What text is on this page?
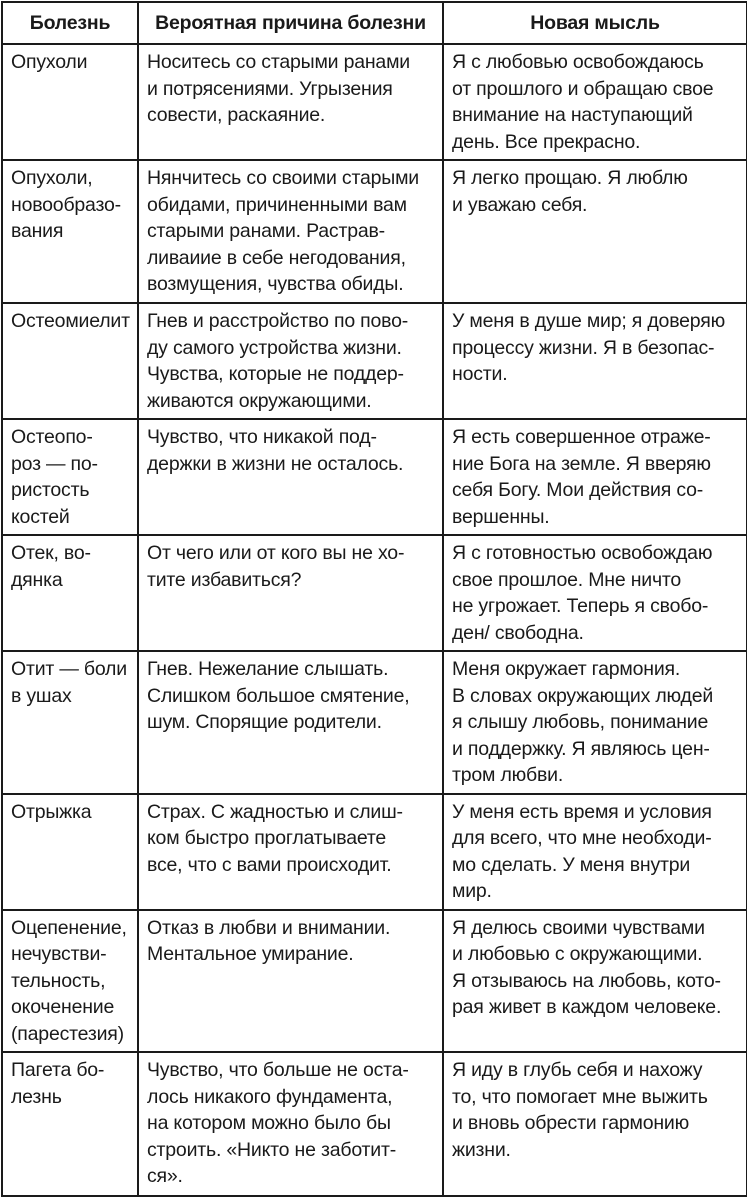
Болезнь	Вероятная причина болезни	Новая мысль

Опухоли	Носитесь со старыми ранами
и потрясениями. Угрызения
совести, раскаяние.	Я с любовью освобождаюсь
от прошлого и обращаю свое
внимание на наступающий
день. Все прекрасно.

Опухоли,
новообразо-
вания	Нянчитесь со своими старыми
обидами, причиненными вам
старыми ранами. Растрав-
ливаиие в себе негодования,
возмущения, чувства обиды.	Я легко прощаю. Я люблю
и уважаю себя.

Остеомиелит	Гнев и расстройство по пово-
ду самого устройства жизни.
Чувства, которые не поддер-
живаются окружающими.	У меня в душе мир; я доверяю
процессу жизни. Я в безопас-
ности.

Остеопо-
роз — по-
ристость
костей	Чувство, что никакой под-
держки в жизни не осталось.	Я есть совершенное отраже-
ние Бога на земле. Я вверяю
себя Богу. Мои действия со-
вершенны.

Отек, во-
дянка	От чего или от кого вы не хо-
тите избавиться?	Я с готовностью освобождаю
свое прошлое. Мне ничто
не угрожает. Теперь я свобо-
ден/ свободна.

Отит — боли
в ушах	Гнев. Нежелание слышать.
Слишком большое смятение,
шум. Спорящие родители.	Меня окружает гармония.
В словах окружающих людей
я слышу любовь, понимание
и поддержку. Я являюсь цен-
тром любви.

Отрыжка	Страх. С жадностью и слиш-
ком быстро проглатываете
все, что с вами происходит.	У меня есть время и условия
для всего, что мне необходи-
мо сделать. У меня внутри
мир.

Оцепенение,
нечувстви-
тельность,
окоченение
(парестезия)	Отказ в любви и внимании.
Ментальное умирание.	Я делюсь своими чувствами
и любовью с окружающими.
Я отзываюсь на любовь, кото-
рая живет в каждом человеке.

Пагета бо-
лезнь	Чувство, что больше не оста-
лось никакого фундамента,
на котором можно было бы
строить. «Никто не заботит-
ся».	Я иду в глубь себя и нахожу
то, что помогает мне выжить
и вновь обрести гармонию
жизни.
